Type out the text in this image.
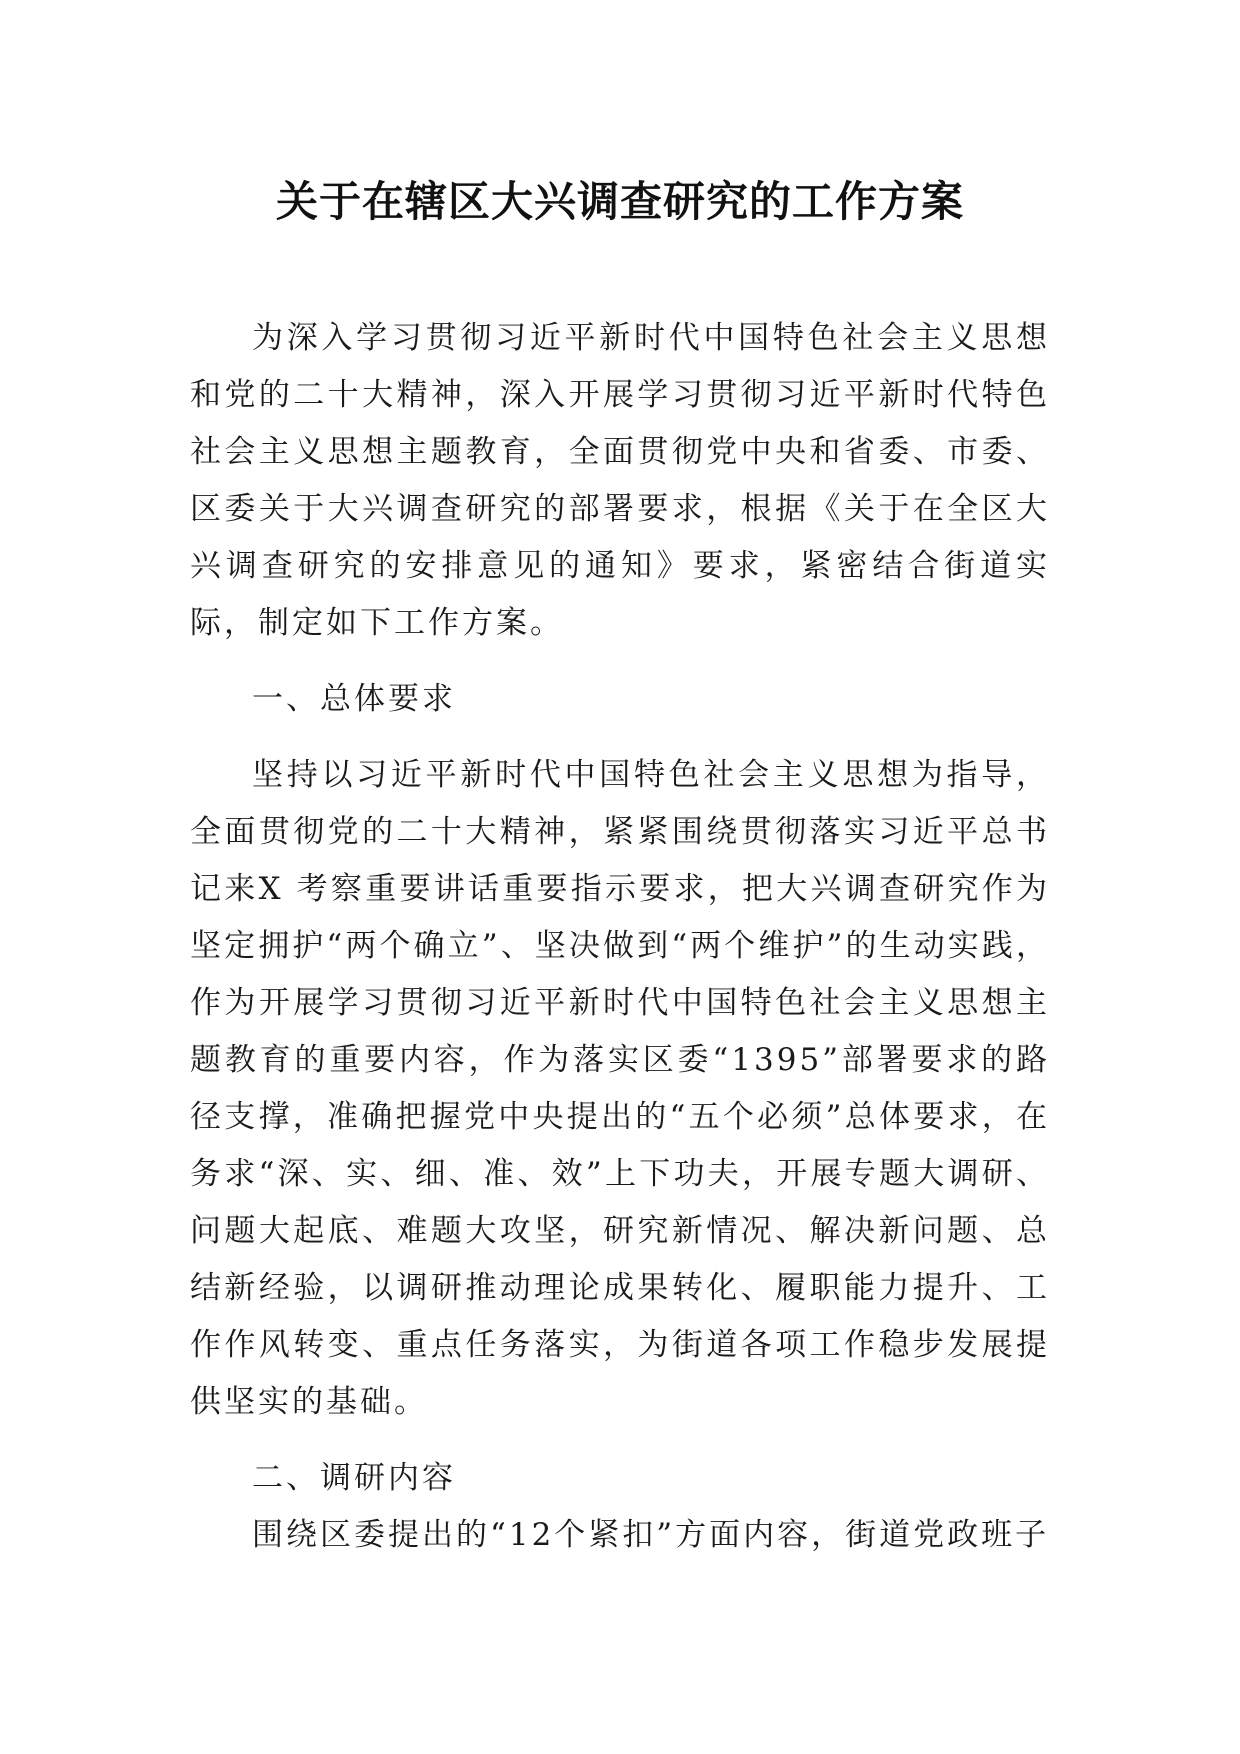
关于在辖区大兴调查研究的工作方案

为深入学习贯彻习近平新时代中国特色社会主义思想和党的二十大精神，深入开展学习贯彻习近平新时代特色社会主义思想主题教育，全面贯彻党中央和省委、市委、区委关于大兴调查研究的部署要求，根据《关于在全区大兴调查研究的安排意见的通知》要求，紧密结合街道实际，制定如下工作方案。

一、总体要求

坚持以习近平新时代中国特色社会主义思想为指导，全面贯彻党的二十大精神，紧紧围绕贯彻落实习近平总书记来X 考察重要讲话重要指示要求，把大兴调查研究作为坚定拥护“两个确立”、坚决做到“两个维护”的生动实践，作为开展学习贯彻习近平新时代中国特色社会主义思想主题教育的重要内容，作为落实区委“1395”部署要求的路径支撑，准确把握党中央提出的“五个必须”总体要求，在务求“深、实、细、准、效”上下功夫，开展专题大调研、问题大起底、难题大攻坚，研究新情况、解决新问题、总结新经验，以调研推动理论成果转化、履职能力提升、工作作风转变、重点任务落实，为街道各项工作稳步发展提供坚实的基础。

二、调研内容

围绕区委提出的“12个紧扣”方面内容，街道党政班子
